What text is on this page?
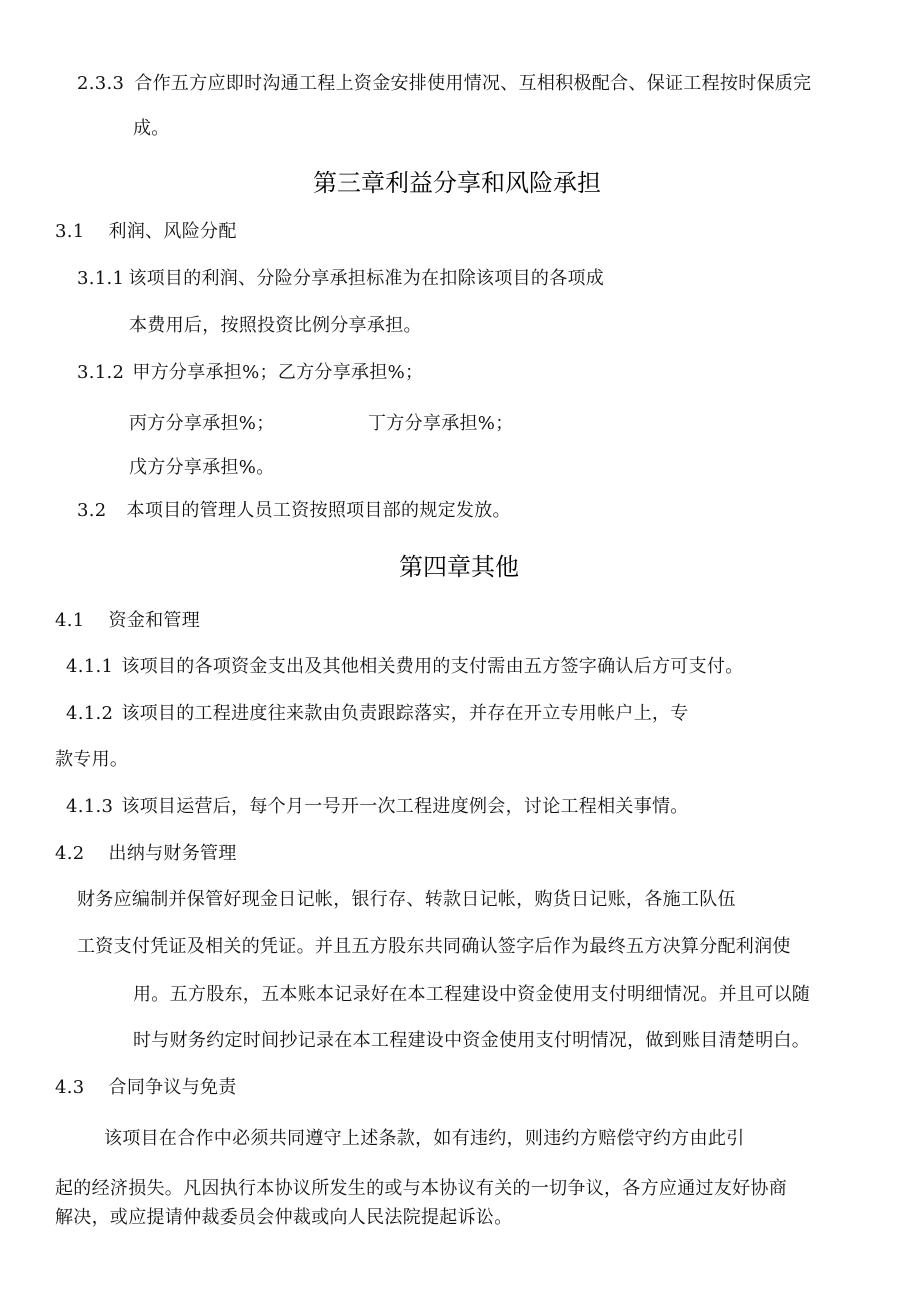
2.3.3 合作五方应即时沟通工程上资金安排使用情况、互相积极配合、保证工程按时保质完
成。
第三章利益分享和风险承担
3.1 利润、风险分配
3.1.1 该项目的利润、分险分享承担标准为在扣除该项目的各项成
本费用后，按照投资比例分享承担。
3.1.2 甲方分享承担%；乙方分享承担%；
丙方分享承担%；	丁方分享承担%；
戊方分享承担%。
3.2 本项目的管理人员工资按照项目部的规定发放。
第四章其他
4.1 资金和管理
4.1.1 该项目的各项资金支出及其他相关费用的支付需由五方签字确认后方可支付。
4.1.2 该项目的工程进度往来款由负责跟踪落实，并存在开立专用帐户上，专
款专用。
4.1.3 该项目运营后，每个月一号开一次工程进度例会，讨论工程相关事情。
4.2 出纳与财务管理
财务应编制并保管好现金日记帐，银行存、转款日记帐，购货日记账，各施工队伍
工资支付凭证及相关的凭证。并且五方股东共同确认签字后作为最终五方决算分配利润使
用。五方股东，五本账本记录好在本工程建设中资金使用支付明细情况。并且可以随
时与财务约定时间抄记录在本工程建设中资金使用支付明情况，做到账目清楚明白。
4.3 合同争议与免责
该项目在合作中必须共同遵守上述条款，如有违约，则违约方赔偿守约方由此引
起的经济损失。凡因执行本协议所发生的或与本协议有关的一切争议，各方应通过友好协商
解决，或应提请仲裁委员会仲裁或向人民法院提起诉讼。
